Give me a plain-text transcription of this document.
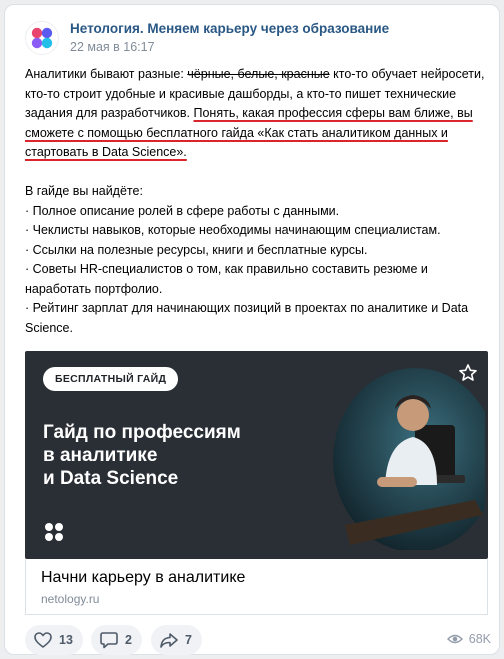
Нетология. Меняем карьеру через образование
22 мая в 16:17

Аналитики бывают разные: чёрные, белые, красные кто-то обучает нейросети, кто-то строит удобные и красивые дашборды, а кто-то пишет технические задания для разработчиков. Понять, какая профессия сферы вам ближе, вы сможете с помощью бесплатного гайда «Как стать аналитиком данных и стартовать в Data Science».

В гайде вы найдёте:

· Полное описание ролей в сфере работы с данными.

· Чеклисты навыков, которые необходимы начинающим специалистам.

· Ссылки на полезные ресурсы, книги и бесплатные курсы.

· Советы HR-специалистов о том, как правильно составить резюме и наработать портфолио.

· Рейтинг зарплат для начинающих позиций в проектах по аналитике и Data Science.

БЕСПЛАТНЫЙ ГАЙД
Гайд по профессиям
в аналитике
и Data Science
Начни карьеру в аналитике
netology.ru
13	2	7	68K
